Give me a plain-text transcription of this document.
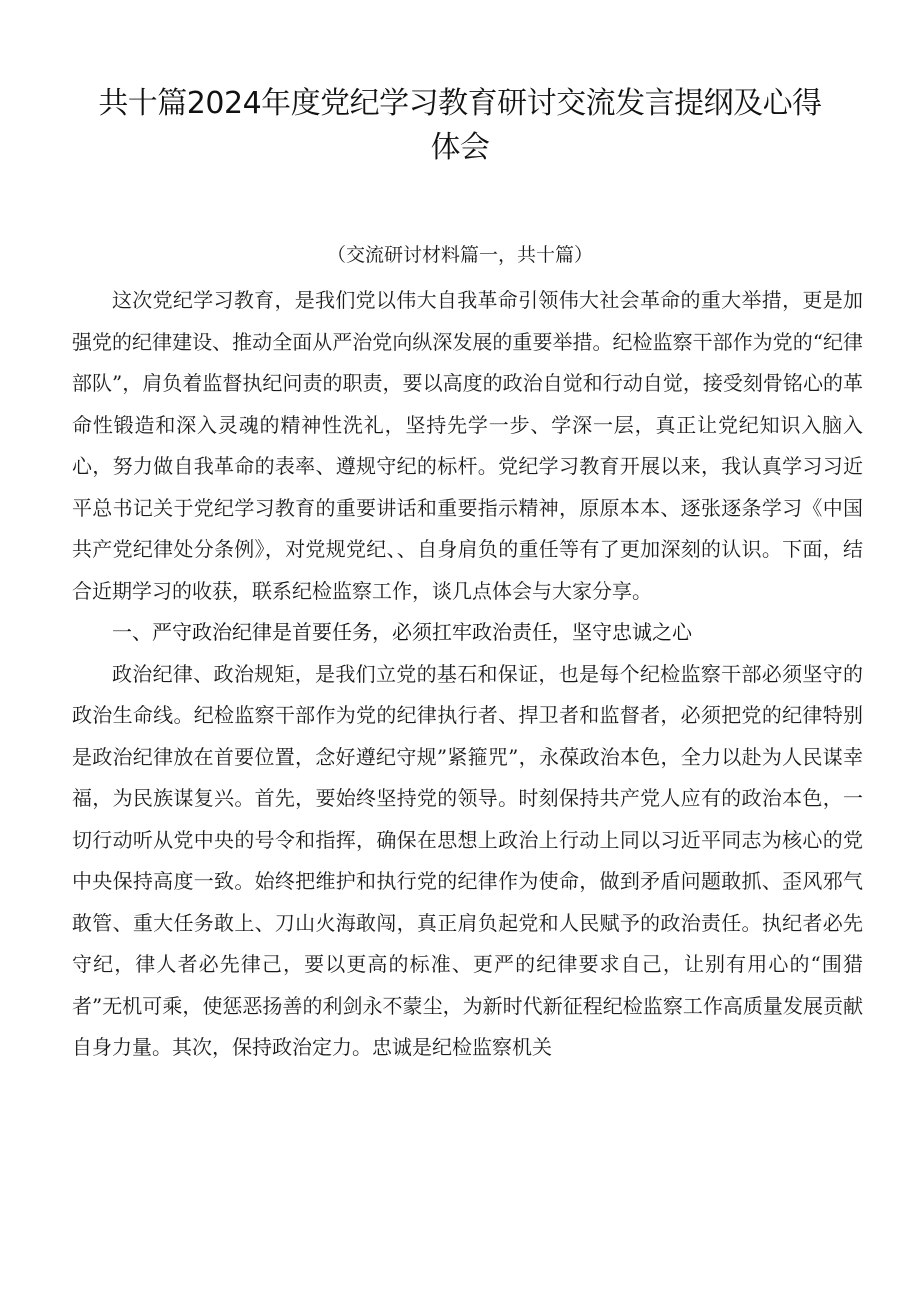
共十篇2024年度党纪学习教育研讨交流发言提纲及心得体会
（交流研讨材料篇一，共十篇）

这次党纪学习教育，是我们党以伟大自我革命引领伟大社会革命的重大举措，更是加强党的纪律建设、推动全面从严治党向纵深发展的重要举措。纪检监察干部作为党的“纪律部队”，肩负着监督执纪问责的职责，要以高度的政治自觉和行动自觉，接受刻骨铭心的革命性锻造和深入灵魂的精神性洗礼，坚持先学一步、学深一层，真正让党纪知识入脑入心，努力做自我革命的表率、遵规守纪的标杆。党纪学习教育开展以来，我认真学习习近平总书记关于党纪学习教育的重要讲话和重要指示精神，原原本本、逐张逐条学习《中国共产党纪律处分条例》，对党规党纪、、自身肩负的重任等有了更加深刻的认识。下面，结合近期学习的收获，联系纪检监察工作，谈几点体会与大家分享。

一、严守政治纪律是首要任务，必须扛牢政治责任，坚守忠诚之心

政治纪律、政治规矩，是我们立党的基石和保证，也是每个纪检监察干部必须坚守的政治生命线。纪检监察干部作为党的纪律执行者、捍卫者和监督者，必须把党的纪律特别是政治纪律放在首要位置，念好遵纪守规”紧箍咒”，永葆政治本色，全力以赴为人民谋幸福，为民族谋复兴。首先，要始终坚持党的领导。时刻保持共产党人应有的政治本色，一切行动听从党中央的号令和指挥，确保在思想上政治上行动上同以习近平同志为核心的党中央保持高度一致。始终把维护和执行党的纪律作为使命，做到矛盾问题敢抓、歪风邪气敢管、重大任务敢上、刀山火海敢闯，真正肩负起党和人民赋予的政治责任。执纪者必先守纪，律人者必先律己，要以更高的标准、更严的纪律要求自己，让别有用心的“围猎者”无机可乘，使惩恶扬善的利剑永不蒙尘，为新时代新征程纪检监察工作高质量发展贡献自身力量。其次，保持政治定力。忠诚是纪检监察机关
